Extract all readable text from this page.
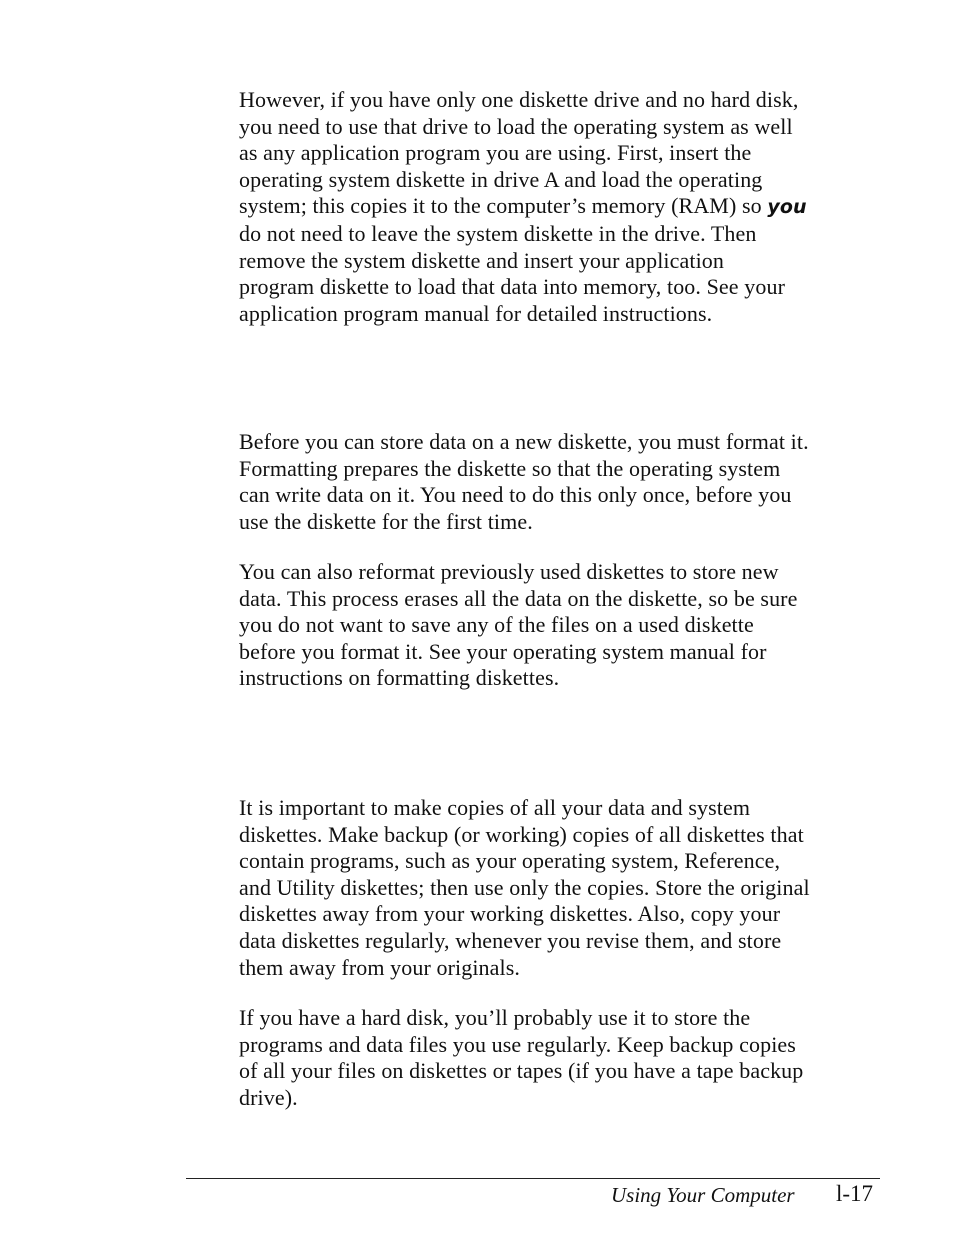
However, if you have only one diskette drive and no hard disk,
you need to use that drive to load the operating system as well
as any application program you are using. First, insert the
operating system diskette in drive A and load the operating
system; this copies it to the computer’s memory (RAM) so you
do not need to leave the system diskette in the drive. Then
remove the system diskette and insert your application
program diskette to load that data into memory, too. See your
application program manual for detailed instructions.

Before you can store data on a new diskette, you must format it.
Formatting prepares the diskette so that the operating system
can write data on it. You need to do this only once, before you
use the diskette for the first time.

You can also reformat previously used diskettes to store new
data. This process erases all the data on the diskette, so be sure
you do not want to save any of the files on a used diskette
before you format it. See your operating system manual for
instructions on formatting diskettes.

It is important to make copies of all your data and system
diskettes. Make backup (or working) copies of all diskettes that
contain programs, such as your operating system, Reference,
and Utility diskettes; then use only the copies. Store the original
diskettes away from your working diskettes. Also, copy your
data diskettes regularly, whenever you revise them, and store
them away from your originals.

If you have a hard disk, you’ll probably use it to store the
programs and data files you use regularly. Keep backup copies
of all your files on diskettes or tapes (if you have a tape backup
drive).

Using Your Computer l-17
